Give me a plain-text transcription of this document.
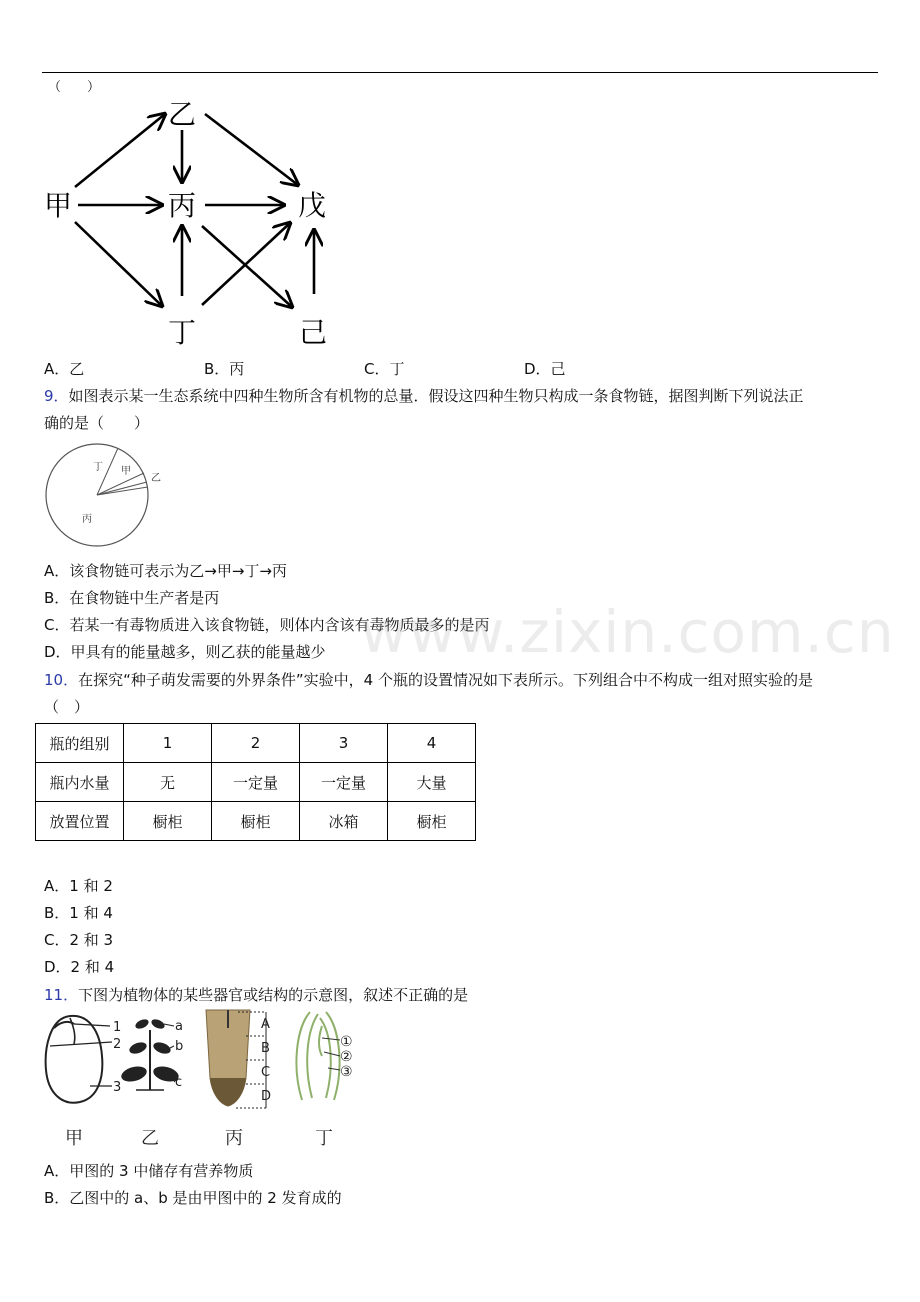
（　　）
甲
乙
丙	戊
丁	己
A．乙	B．丙	C．丁	D．己
9．如图表示某一生态系统中四种生物所含有机物的总量．假设这四种生物只构成一条食物链，据图判断下列说法正
确的是（　　）
丁 甲
乙
丙
A．该食物链可表示为乙→甲→丁→丙
B．在食物链中生产者是丙
C．若某一有毒物质进入该食物链，则体内含该有毒物质最多的是丙
D．甲具有的能量越多，则乙获的能量越少
10．在探究“种子萌发需要的外界条件”实验中，4 个瓶的设置情况如下表所示。下列组合中不构成一组对照实验的是
（　）
瓶的组别	1	2	3	4
瓶内水量	无	一定量	一定量	大量
放置位置	橱柜	橱柜	冰箱	橱柜
A．1 和 2
B．1 和 4
C．2 和 3
D．2 和 4
11．下图为植物体的某些器官或结构的示意图，叙述不正确的是
1
2
3
a
b
c
A
B
C
D
①
②
③
甲	乙	丙	丁
A．甲图的 3 中储存有营养物质
B．乙图中的 a、b 是由甲图中的 2 发育成的
www.zixin.com.cn
